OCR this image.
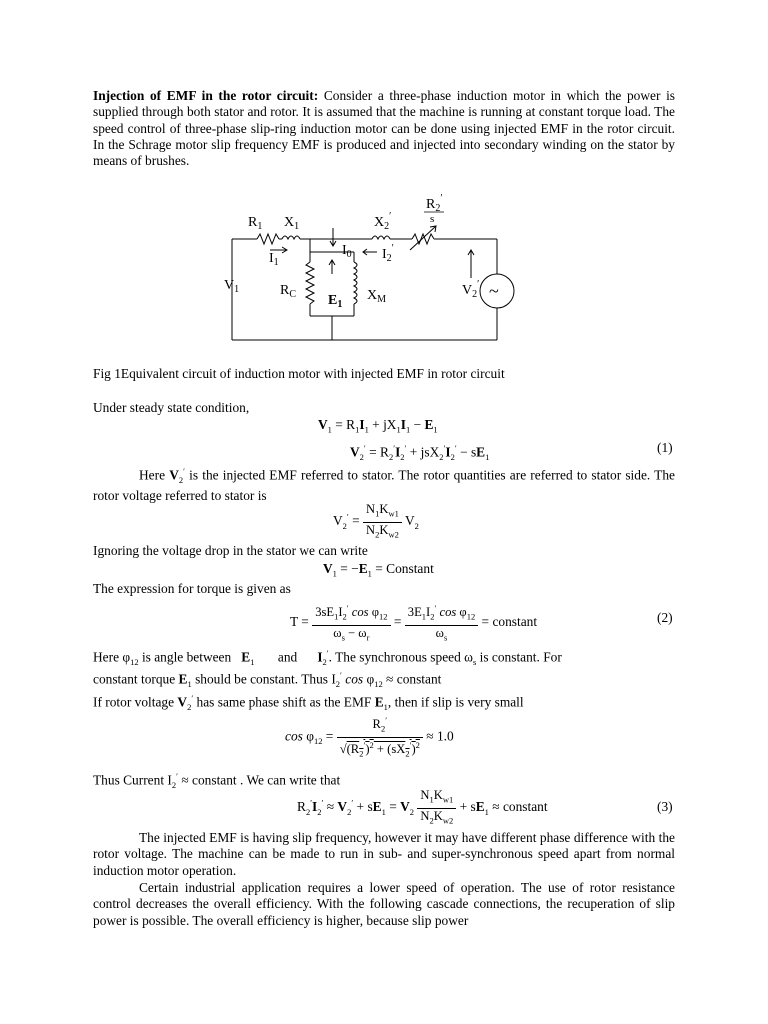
Injection of EMF in the rotor circuit: Consider a three-phase induction motor in which the power is supplied through both stator and rotor. It is assumed that the machine is running at constant torque load. The speed control of three-phase slip-ring induction motor can be done using injected EMF in the rotor circuit. In the Schrage motor slip frequency EMF is produced and injected into secondary winding on the stator by means of brushes.
$R_1$ $X_1$	$X_2'$
$R_2'$
s
$I_1$
$I_0$ $I_2'$
$V_1$	$R_C$ $E_1$
$X_M$
$V_2'$ ~
Fig 1Equivalent circuit of induction motor with injected EMF in rotor circuit
Under steady state condition,
$V_1 = R_1I_1 + jX_1I_1 - E_1$
$V_2' = R_2'I_2' + jsX_2'I_2' - sE_1$
(1)
Here $V_2'$ is the injected EMF referred to stator. The rotor quantities are referred to stator side. The rotor voltage referred to stator is
$V_2' = \frac{N_1K_{w1}}{N_2K_{w2}} V_2$
Ignoring the voltage drop in the stator we can write
$V_1 = -E_1$ = Constant
The expression for torque is given as
$T = \frac{3sE_1I_2' \cos \varphi_{12}}{\omega_s - \omega_r} = \frac{3E_1I_2' \cos \varphi_{12}}{\omega_s}$ = constant	(2)
Here $\varphi_{12}$ is angle between   $E_1$       and      $I_2'$. The synchronous speed $\omega_s$ is constant. For
constant torque $E_1$ should be constant. Thus $I_2'$ $\cos \varphi_{12}$ ≈ constant
If rotor voltage $V_2'$ has same phase shift as the EMF $E_1$, then if slip is very small
$\cos \varphi_{12} = \frac{R_2'}{√(R_2')^2 + (sX_2')^2} \approx 1.0$
Thus Current $I_2'$ ≈ constant . We can write that
$R_2'I_2' \approx V_2' + sE_1 = V_2 \frac{N_1K_{w1}}{N_2K_{w2}} + sE_1$ ≈ constant	(3)
The injected EMF is having slip frequency, however it may have different phase difference with the rotor voltage. The machine can be made to run in sub- and super-synchronous speed apart from normal induction motor operation.
Certain industrial application requires a lower speed of operation. The use of rotor resistance control decreases the overall efficiency. With the following cascade connections, the recuperation of slip power is possible. The overall efficiency is higher, because slip power
